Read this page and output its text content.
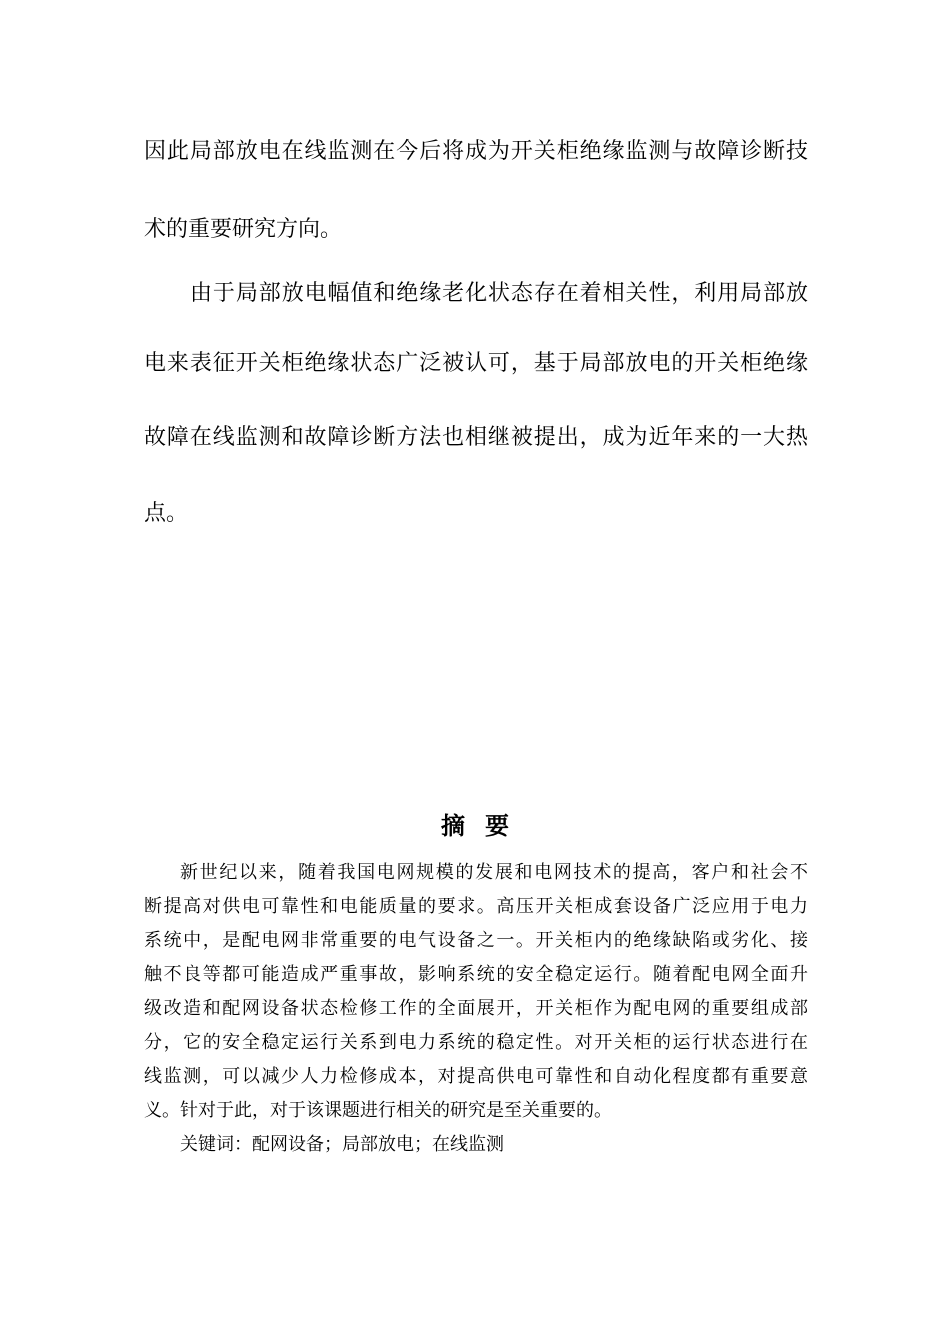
因此局部放电在线监测在今后将成为开关柜绝缘监测与故障诊断技
术的重要研究方向。
由于局部放电幅值和绝缘老化状态存在着相关性，利用局部放
电来表征开关柜绝缘状态广泛被认可，基于局部放电的开关柜绝缘
故障在线监测和故障诊断方法也相继被提出，成为近年来的一大热
点。
摘要
新世纪以来，随着我国电网规模的发展和电网技术的提高，客户和社会不
断提高对供电可靠性和电能质量的要求。高压开关柜成套设备广泛应用于电力
系统中，是配电网非常重要的电气设备之一。开关柜内的绝缘缺陷或劣化、接
触不良等都可能造成严重事故，影响系统的安全稳定运行。随着配电网全面升
级改造和配网设备状态检修工作的全面展开，开关柜作为配电网的重要组成部
分，它的安全稳定运行关系到电力系统的稳定性。对开关柜的运行状态进行在
线监测，可以减少人力检修成本，对提高供电可靠性和自动化程度都有重要意
义。针对于此，对于该课题进行相关的研究是至关重要的。
关键词：配网设备；局部放电；在线监测
